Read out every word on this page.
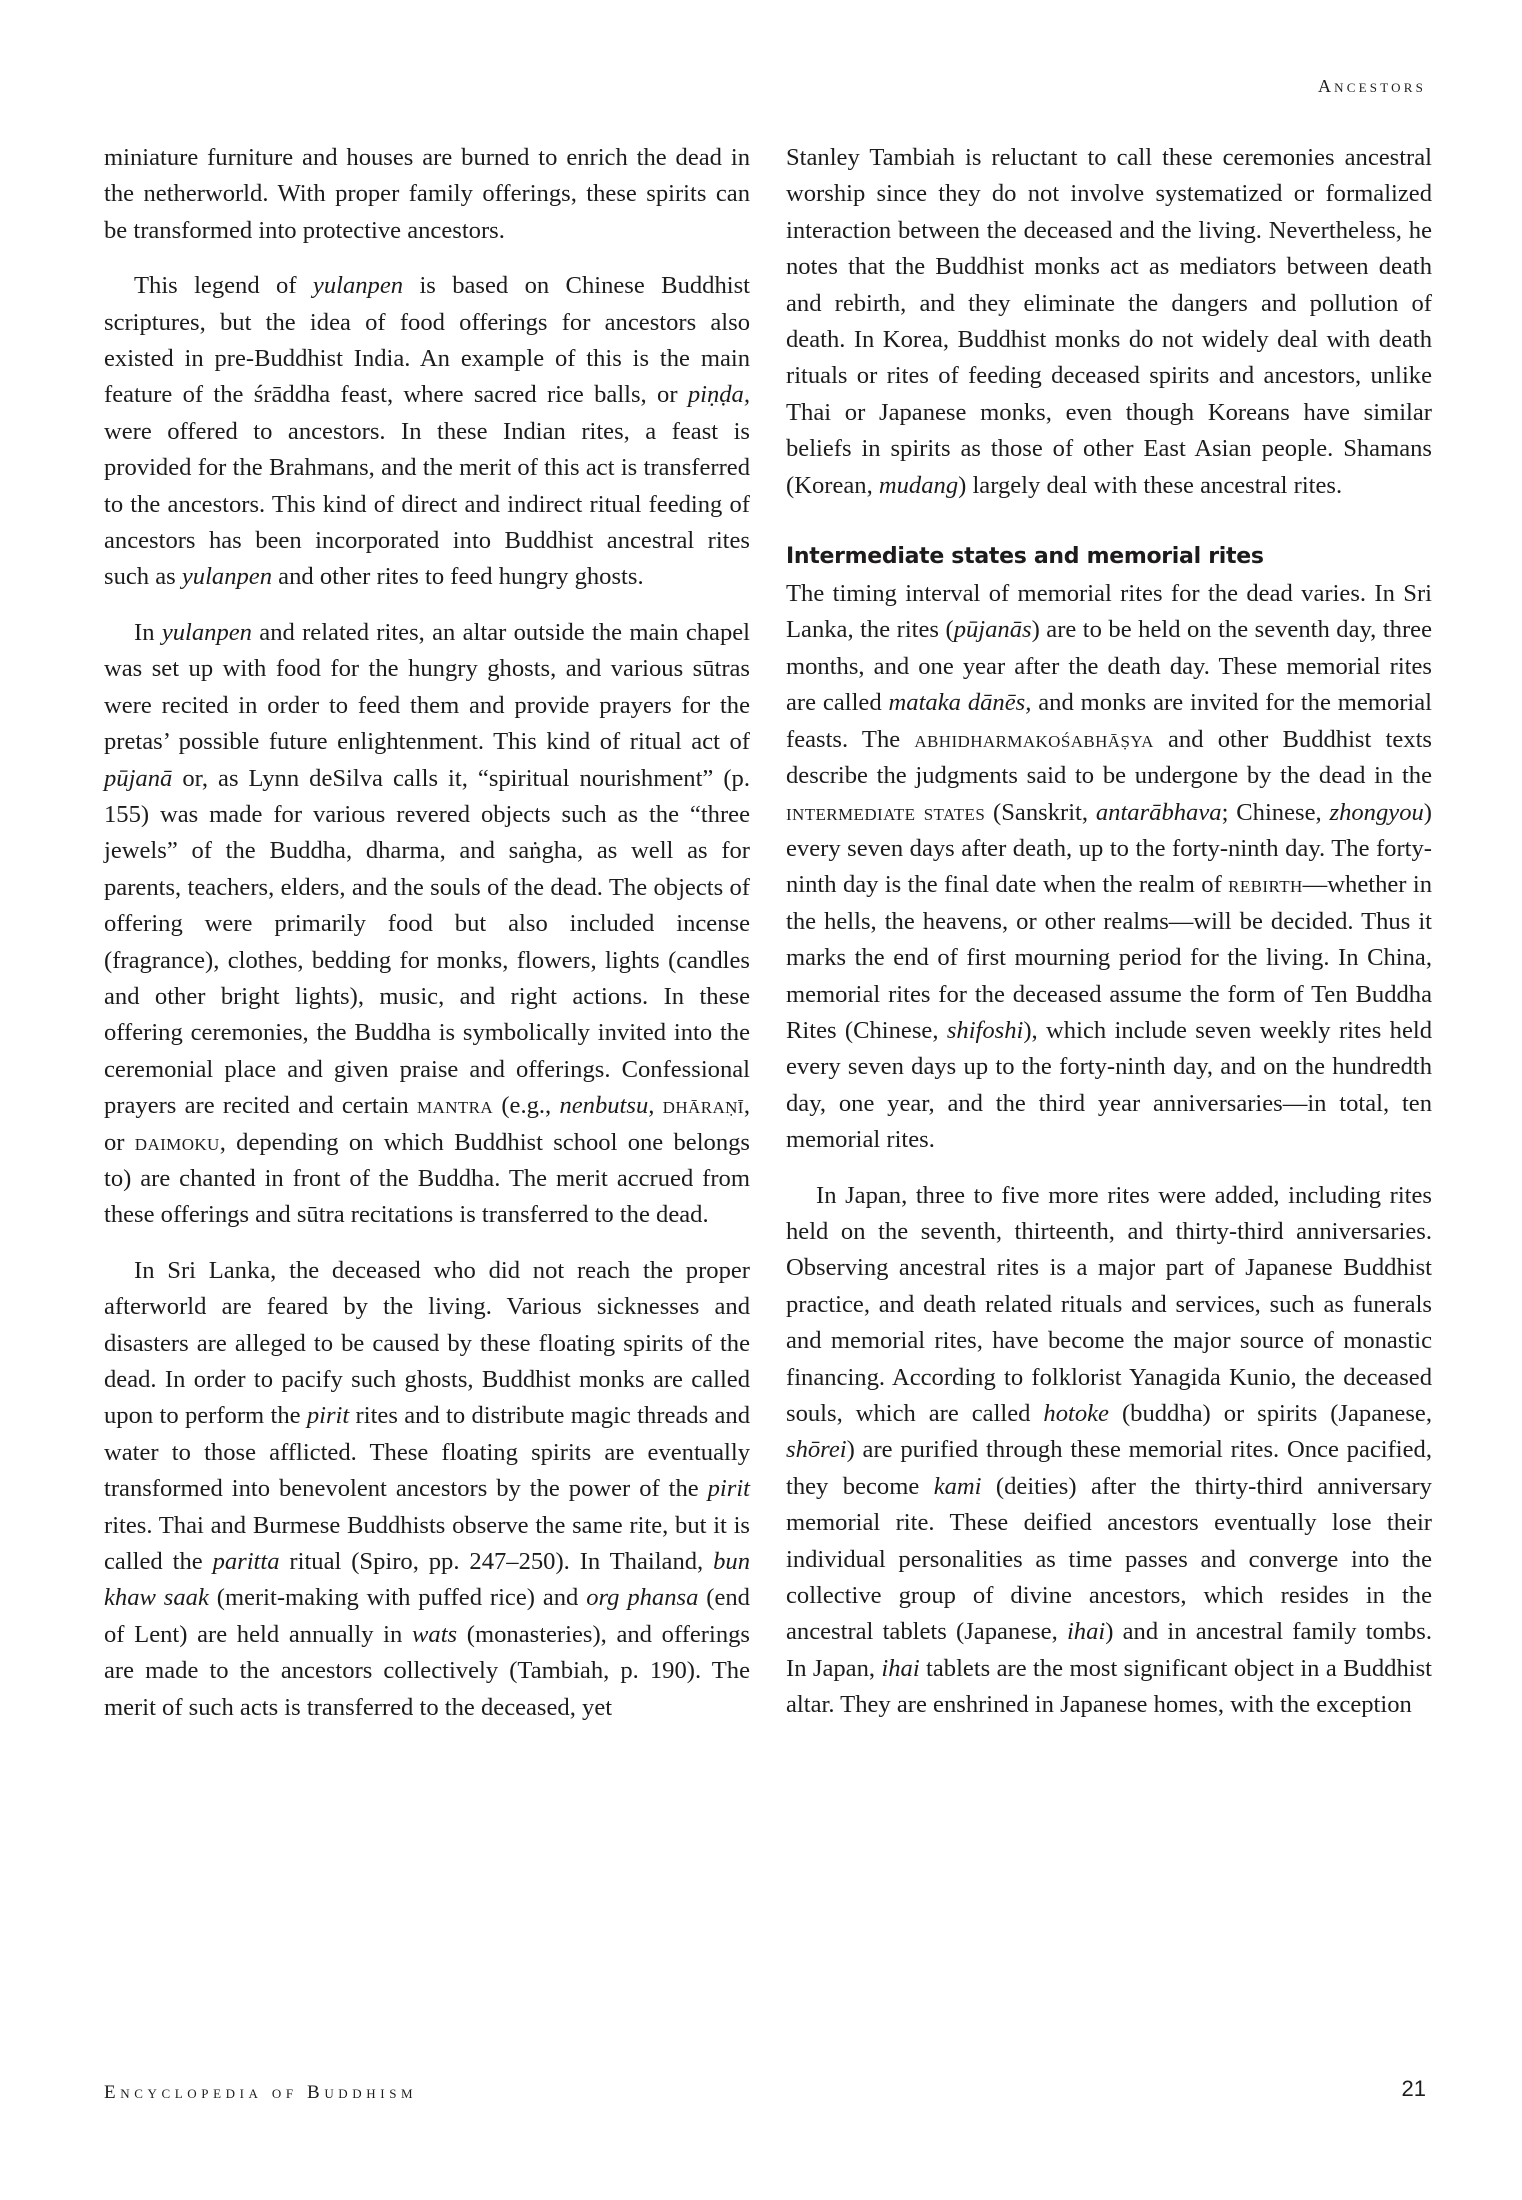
Ancestors

miniature furniture and houses are burned to enrich the dead in the netherworld. With proper family offerings, these spirits can be transformed into protective ancestors.

This legend of yulanpen is based on Chinese Buddhist scriptures, but the idea of food offerings for ancestors also existed in pre-Buddhist India. An example of this is the main feature of the śrāddha feast, where sacred rice balls, or piṇḍa, were offered to ancestors. In these Indian rites, a feast is provided for the Brahmans, and the merit of this act is transferred to the ancestors. This kind of direct and indirect ritual feeding of ancestors has been incorporated into Buddhist ancestral rites such as yulanpen and other rites to feed hungry ghosts.

In yulanpen and related rites, an altar outside the main chapel was set up with food for the hungry ghosts, and various sūtras were recited in order to feed them and provide prayers for the pretas’ possible future enlightenment. This kind of ritual act of pūjanā or, as Lynn deSilva calls it, “spiritual nourishment” (p. 155) was made for various revered objects such as the “three jewels” of the Buddha, dharma, and saṅgha, as well as for parents, teachers, elders, and the souls of the dead. The objects of offering were primarily food but also included incense (fragrance), clothes, bedding for monks, flowers, lights (candles and other bright lights), music, and right actions. In these offering ceremonies, the Buddha is symbolically invited into the ceremonial place and given praise and offerings. Confessional prayers are recited and certain mantra (e.g., nenbutsu, dhāraṇī, or daimoku, depending on which Buddhist school one belongs to) are chanted in front of the Buddha. The merit accrued from these offerings and sūtra recitations is transferred to the dead.

In Sri Lanka, the deceased who did not reach the proper afterworld are feared by the living. Various sicknesses and disasters are alleged to be caused by these floating spirits of the dead. In order to pacify such ghosts, Buddhist monks are called upon to perform the pirit rites and to distribute magic threads and water to those afflicted. These floating spirits are eventually transformed into benevolent ancestors by the power of the pirit rites. Thai and Burmese Buddhists observe the same rite, but it is called the paritta ritual (Spiro, pp. 247–250). In Thailand, bun khaw saak (merit-making with puffed rice) and org phansa (end of Lent) are held annually in wats (monasteries), and offerings are made to the ancestors collectively (Tambiah, p. 190). The merit of such acts is transferred to the deceased, yet

Stanley Tambiah is reluctant to call these ceremonies ancestral worship since they do not involve systematized or formalized interaction between the deceased and the living. Nevertheless, he notes that the Buddhist monks act as mediators between death and rebirth, and they eliminate the dangers and pollution of death. In Korea, Buddhist monks do not widely deal with death rituals or rites of feeding deceased spirits and ancestors, unlike Thai or Japanese monks, even though Koreans have similar beliefs in spirits as those of other East Asian people. Shamans (Korean, mudang) largely deal with these ancestral rites.

Intermediate states and memorial rites

The timing interval of memorial rites for the dead varies. In Sri Lanka, the rites (pūjanās) are to be held on the seventh day, three months, and one year after the death day. These memorial rites are called mataka dānēs, and monks are invited for the memorial feasts. The abhidharmakośabhāṣya and other Buddhist texts describe the judgments said to be undergone by the dead in the intermediate states (Sanskrit, antarābhava; Chinese, zhongyou) every seven days after death, up to the forty-ninth day. The forty-ninth day is the final date when the realm of rebirth—whether in the hells, the heavens, or other realms—will be decided. Thus it marks the end of first mourning period for the living. In China, memorial rites for the deceased assume the form of Ten Buddha Rites (Chinese, shifoshi), which include seven weekly rites held every seven days up to the forty-ninth day, and on the hundredth day, one year, and the third year anniversaries—in total, ten memorial rites.

In Japan, three to five more rites were added, including rites held on the seventh, thirteenth, and thirty-third anniversaries. Observing ancestral rites is a major part of Japanese Buddhist practice, and death related rituals and services, such as funerals and memorial rites, have become the major source of monastic financing. According to folklorist Yanagida Kunio, the deceased souls, which are called hotoke (buddha) or spirits (Japanese, shōrei) are purified through these memorial rites. Once pacified, they become kami (deities) after the thirty-third anniversary memorial rite. These deified ancestors eventually lose their individual personalities as time passes and converge into the collective group of divine ancestors, which resides in the ancestral tablets (Japanese, ihai) and in ancestral family tombs. In Japan, ihai tablets are the most significant object in a Buddhist altar. They are enshrined in Japanese homes, with the exception

Encyclopedia of Buddhism	21
